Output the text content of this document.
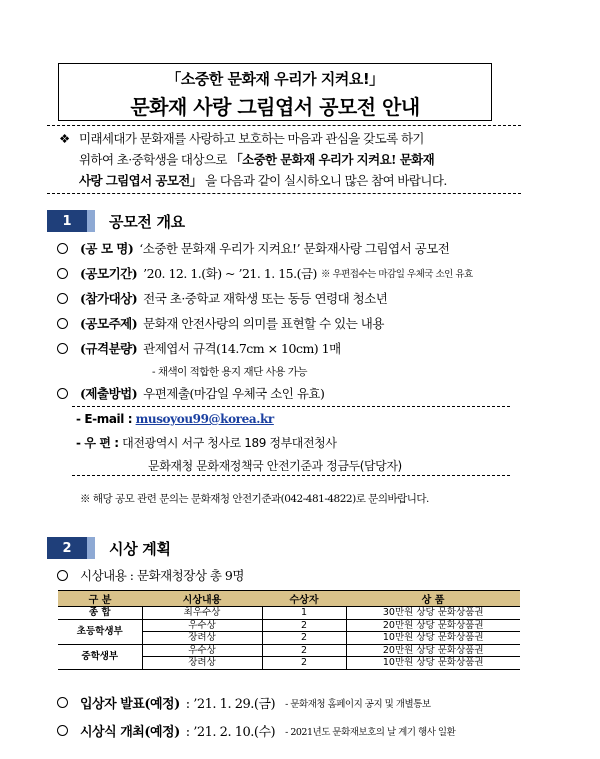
「소중한 문화재 우리가 지켜요!」
문화재 사랑 그림엽서 공모전 안내
❖ 미래세대가 문화재를 사랑하고 보호하는 마음과 관심을 갖도록 하기
위하여 초·중학생을 대상으로 「소중한 문화재 우리가 지켜요! 문화재
사랑 그림엽서 공모전」 을 다음과 같이 실시하오니 많은 참여 바랍니다.
1	공모전 개요
(공 모 명) ‘소중한 문화재 우리가 지켜요!’ 문화재사랑 그림엽서 공모전
(공모기간) ’20. 12. 1.(화) ~ ’21. 1. 15.(금) ※ 우편접수는 마감일 우체국 소인 유효
(참가대상) 전국 초·중학교 재학생 또는 동등 연령대 청소년
(공모주제) 문화재 안전사랑의 의미를 표현할 수 있는 내용
(규격분량) 관제엽서 규격(14.7cm × 10cm) 1매
- 채색이 적합한 용지 재단 사용 가능
(제출방법) 우편제출(마감일 우체국 소인 유효)
- E-mail : musoyou99@korea.kr
- 우 편 : 대전광역시 서구 청사로 189 정부대전청사
문화재청 문화재정책국 안전기준과 정금두(담당자)
※ 해당 공모 관련 문의는 문화재청 안전기준과(042-481-4822)로 문의바랍니다.
2	시상 계획
시상내용 : 문화재청장상 총 9명
구 분	시상내용	수상자	상 품
종 합	최우수상	1	30만원 상당 문화상품권
초등학생부	우수상	2	20만원 상당 문화상품권
	장려상	2	10만원 상당 문화상품권
중학생부	우수상	2	20만원 상당 문화상품권
	장려상	2	10만원 상당 문화상품권
입상자 발표(예정) : ’21. 1. 29.(금) - 문화재청 홈페이지 공지 및 개별통보
시상식 개최(예정) : ’21. 2. 10.(수) - 2021년도 문화재보호의 날 계기 행사 일환
